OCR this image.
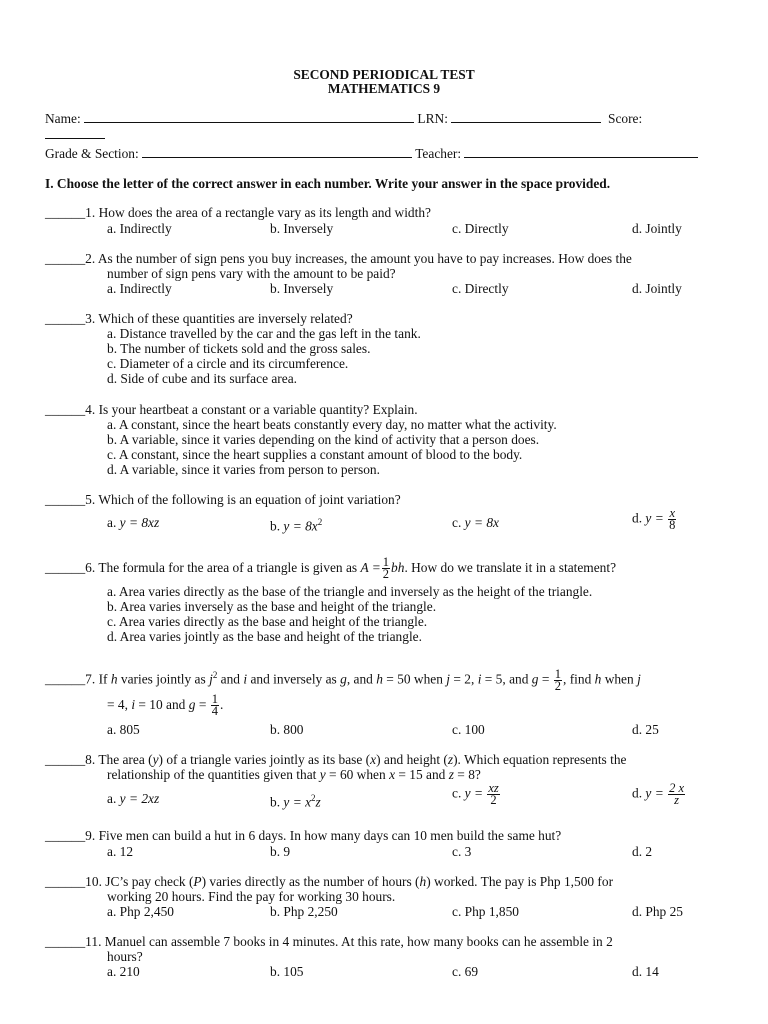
SECOND PERIODICAL TEST
MATHEMATICS 9
Name:	LRN:	Score:
Grade & Section:	Teacher:
I. Choose the letter of the correct answer in each number. Write your answer in the space provided.
______1. How does the area of a rectangle vary as its length and width?
a. Indirectly	b. Inversely	c. Directly	d. Jointly
______2. As the number of sign pens you buy increases, the amount you have to pay increases. How does the
number of sign pens vary with the amount to be paid?
a. Indirectly	b. Inversely	c. Directly	d. Jointly
______3. Which of these quantities are inversely related?
a. Distance travelled by the car and the gas left in the tank.
b. The number of tickets sold and the gross sales.
c. Diameter of a circle and its circumference.
d. Side of cube and its surface area.
______4. Is your heartbeat a constant or a variable quantity? Explain.
a. A constant, since the heart beats constantly every day, no matter what the activity.
b. A variable, since it varies depending on the kind of activity that a person does.
c. A constant, since the heart supplies a constant amount of blood to the body.
d. A variable, since it varies from person to person.
______5. Which of the following is an equation of joint variation?
a. y = 8xz	b. $y = 8x^2$	c. y = 8x	d. $y = \frac{x}{8}$
______6. The formula for the area of a triangle is given as $A = \frac{1}{2}$ bh. How do we translate it in a statement?
a. Area varies directly as the base of the triangle and inversely as the height of the triangle.
b. Area varies inversely as the base and height of the triangle.
c. Area varies directly as the base and height of the triangle.
d. Area varies jointly as the base and height of the triangle.
______7. If h varies jointly as $j^2$ and i and inversely as g, and h = 50 when j = 2, i = 5, and $g = \frac{1}{2}$ , find h when j
= 4, i = 10 and $g = \frac{1}{4}$ .
a. 805	b. 800	c. 100	d. 25
______8. The area (y) of a triangle varies jointly as its base (x) and height (z). Which equation represents the
relationship of the quantities given that y = 60 when x = 15 and z = 8?
a. y = 2xz	b. $y = x^2z$
c. $y = \frac{xz}{2}$	d. $y = \frac{2 x}{z}$
______9. Five men can build a hut in 6 days. In how many days can 10 men build the same hut?
a. 12	b. 9	c. 3	d. 2
______10. JC’s pay check (P) varies directly as the number of hours (h) worked. The pay is Php 1,500 for
working 20 hours. Find the pay for working 30 hours.
a. Php 2,450	b. Php 2,250	c. Php 1,850	d. Php 25
______11. Manuel can assemble 7 books in 4 minutes. At this rate, how many books can he assemble in 2
hours?
a. 210	b. 105	c. 69	d. 14
